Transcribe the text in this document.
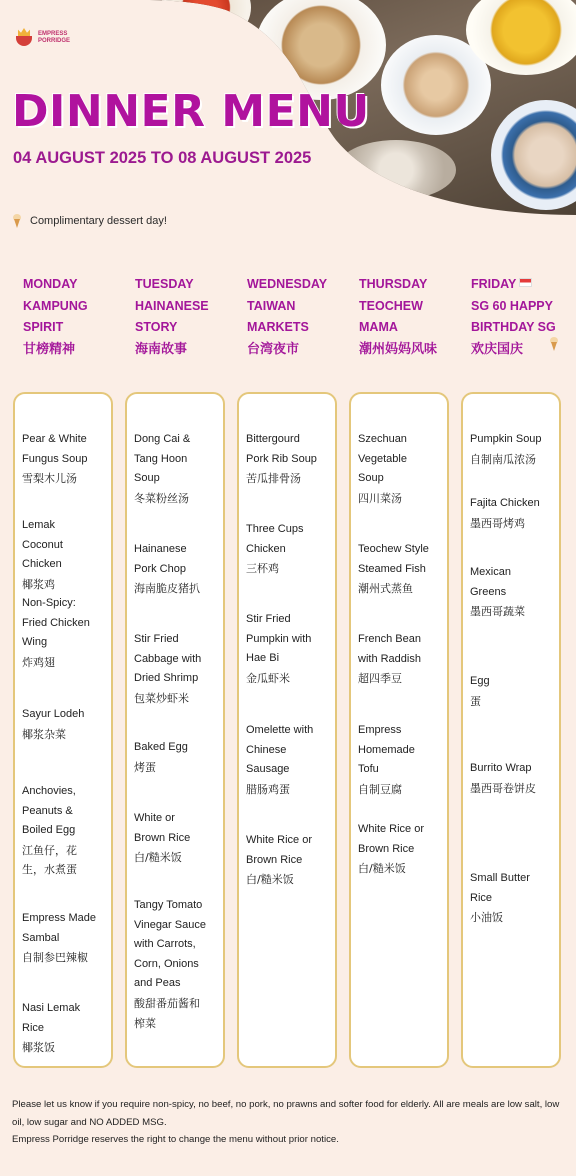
EMPRESS PORRIDGE
DINNER MENU
04 AUGUST 2025 TO 08 AUGUST 2025
Complimentary dessert day!
MONDAY
KAMPUNG
SPIRIT
甘榜精神
TUESDAY
HAINANESE
STORY
海南故事
WEDNESDAY
TAIWAN
MARKETS
台湾夜市
THURSDAY
TEOCHEW
MAMA
潮州妈妈风味
FRIDAY
SG 60 HAPPY
BIRTHDAY SG
欢庆国庆
Pear & White
Fungus Soup
雪梨木儿汤
Lemak
Coconut
Chicken
椰浆鸡
Non-Spicy:
Fried Chicken
Wing
炸鸡翅
Sayur Lodeh
椰浆杂菜
Anchovies,
Peanuts &
Boiled Egg
江鱼仔，花
生，水煮蛋
Empress Made
Sambal
自制参巴辣椒
Nasi Lemak
Rice
椰浆饭
Dong Cai &
Tang Hoon
Soup
冬菜粉丝汤
Hainanese
Pork Chop
海南脆皮猪扒
Stir Fried
Cabbage with
Dried Shrimp
包菜炒虾米
Baked Egg
烤蛋
White or
Brown Rice
白/糙米饭
Tangy Tomato
Vinegar Sauce
with Carrots,
Corn, Onions
and Peas
酸甜番茄酱和
榨菜
Bittergourd
Pork Rib Soup
苦瓜排骨汤
Three Cups
Chicken
三杯鸡
Stir Fried
Pumpkin with
Hae Bi
金瓜虾米
Omelette with
Chinese
Sausage
腊肠鸡蛋
White Rice or
Brown Rice
白/糙米饭
Szechuan
Vegetable
Soup
四川菜汤
Teochew Style
Steamed Fish
潮州式蒸鱼
French Bean
with Raddish
超四季豆
Empress
Homemade
Tofu
自制豆腐
White Rice or
Brown Rice
白/糙米饭
Pumpkin Soup
自制南瓜浓汤
Fajita Chicken
墨西哥烤鸡
Mexican
Greens
墨西哥蔬菜
Egg
蛋
Burrito Wrap
墨西哥卷饼皮
Small Butter
Rice
小油饭
Please let us know if you require non-spicy, no beef, no pork, no prawns and softer food for elderly. All are meals are low salt, low oil, low sugar and NO ADDED MSG.
Empress Porridge reserves the right to change the menu without prior notice.
